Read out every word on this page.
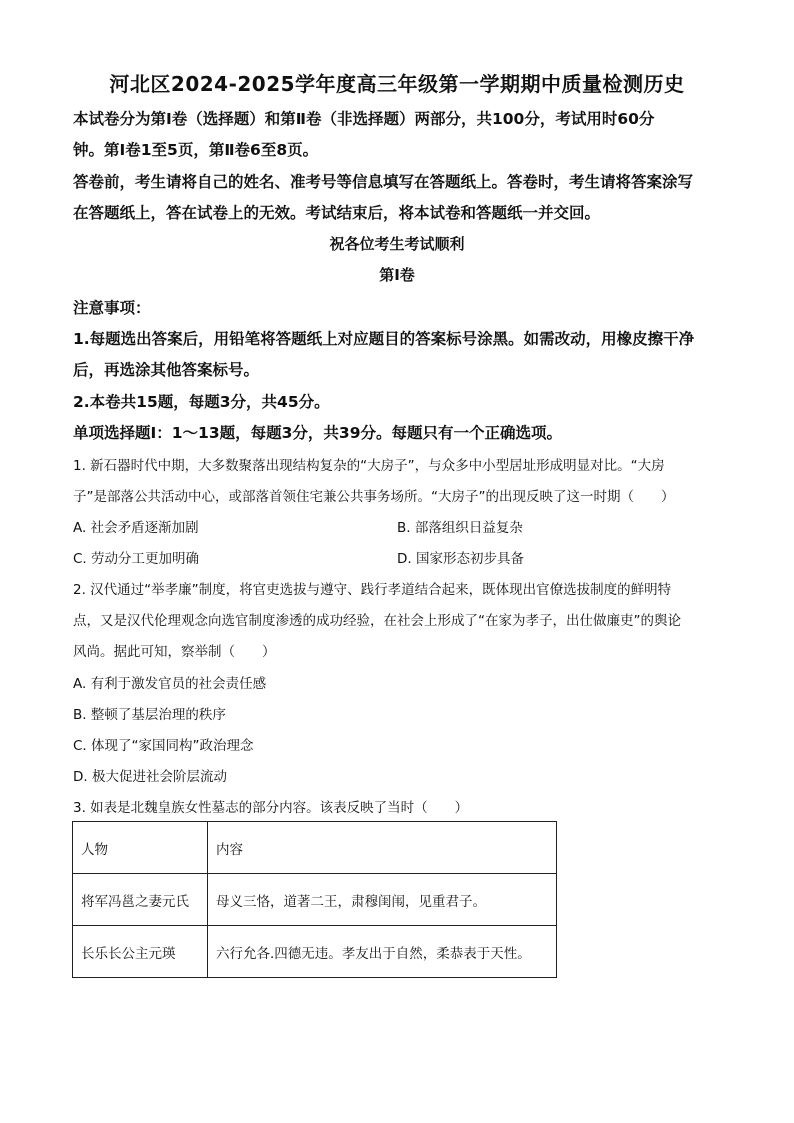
河北区2024-2025学年度高三年级第一学期期中质量检测历史
本试卷分为第Ⅰ卷（选择题）和第Ⅱ卷（非选择题）两部分，共100分，考试用时60分
钟。第Ⅰ卷1至5页，第Ⅱ卷6至8页。
答卷前，考生请将自己的姓名、准考号等信息填写在答题纸上。答卷时，考生请将答案涂写
在答题纸上，答在试卷上的无效。考试结束后，将本试卷和答题纸一并交回。
祝各位考生考试顺利
第Ⅰ卷
注意事项：
1.每题选出答案后，用铅笔将答题纸上对应题目的答案标号涂黑。如需改动，用橡皮擦干净
后，再选涂其他答案标号。
2.本卷共15题，每题3分，共45分。
单项选择题Ⅰ：1～13题，每题3分，共39分。每题只有一个正确选项。
1. 新石器时代中期，大多数聚落出现结构复杂的“大房子”，与众多中小型居址形成明显对比。“大房
子”是部落公共活动中心，或部落首领住宅兼公共事务场所。“大房子”的出现反映了这一时期（　　）
A. 社会矛盾逐渐加剧	B. 部落组织日益复杂
C. 劳动分工更加明确	D. 国家形态初步具备
2. 汉代通过“举孝廉”制度，将官吏选拔与遵守、践行孝道结合起来，既体现出官僚选拔制度的鲜明特
点，又是汉代伦理观念向选官制度渗透的成功经验，在社会上形成了“在家为孝子，出仕做廉吏”的舆论
风尚。据此可知，察举制（　　）
A. 有利于激发官员的社会责任感
B. 整顿了基层治理的秩序
C. 体现了“家国同构”政治理念
D. 极大促进社会阶层流动
3. 如表是北魏皇族女性墓志的部分内容。该表反映了当时（　　）
人物	内容
将军冯邕之妻元氏	母义三恪，道著二王，肃穆闺闱，见重君子。
长乐长公主元瑛	六行允各.四德无违。孝友出于自然，柔恭表于天性。
